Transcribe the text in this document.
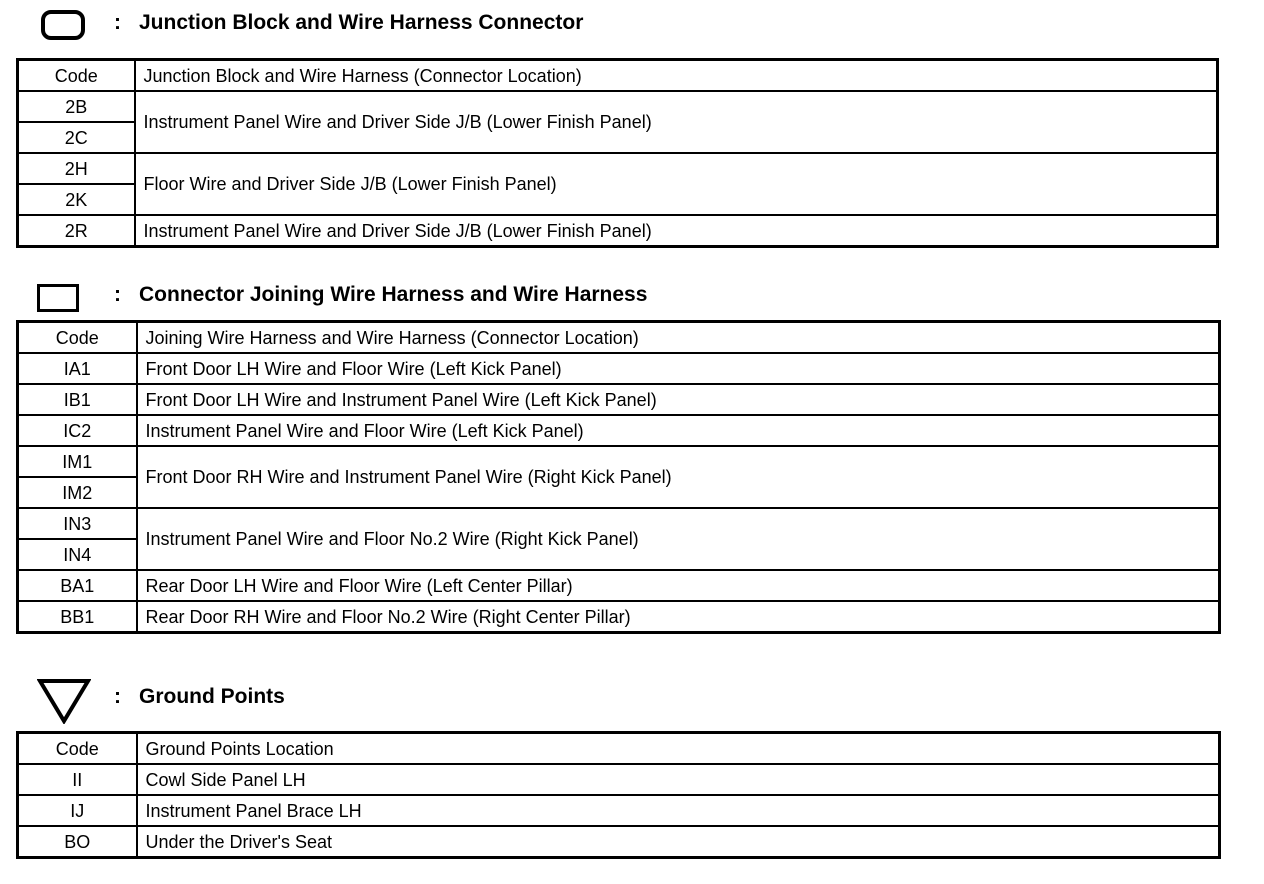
: Junction Block and Wire Harness Connector
Code	Junction Block and Wire Harness (Connector Location)
2B	Instrument Panel Wire and Driver Side J/B (Lower Finish Panel)
2C	
2H	Floor Wire and Driver Side J/B (Lower Finish Panel)
2K	
2R	Instrument Panel Wire and Driver Side J/B (Lower Finish Panel)
: Connector Joining Wire Harness and Wire Harness
Code	Joining Wire Harness and Wire Harness (Connector Location)
IA1	Front Door LH Wire and Floor Wire (Left Kick Panel)
IB1	Front Door LH Wire and Instrument Panel Wire (Left Kick Panel)
IC2	Instrument Panel Wire and Floor Wire (Left Kick Panel)
IM1	Front Door RH Wire and Instrument Panel Wire (Right Kick Panel)
IM2	
IN3	Instrument Panel Wire and Floor No.2 Wire (Right Kick Panel)
IN4	
BA1	Rear Door LH Wire and Floor Wire (Left Center Pillar)
BB1	Rear Door RH Wire and Floor No.2 Wire (Right Center Pillar)
: Ground Points
Code	Ground Points Location
II	Cowl Side Panel LH
IJ	Instrument Panel Brace LH
BO	Under the Driver's Seat
